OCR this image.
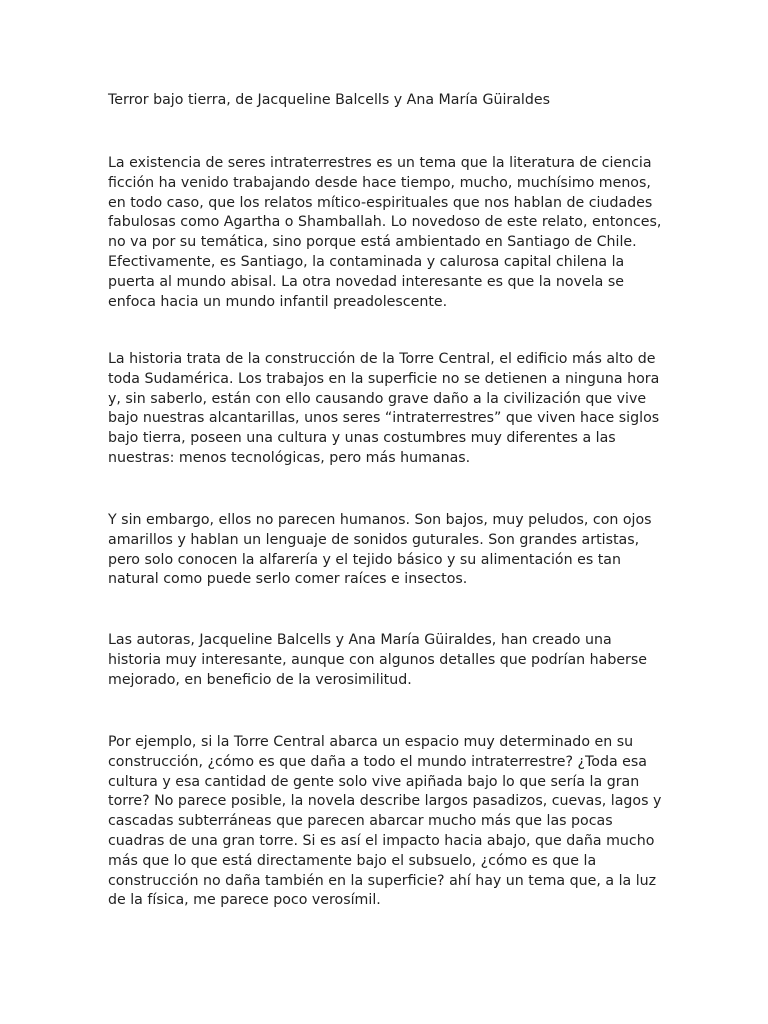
Terror bajo tierra, de Jacqueline Balcells y Ana María Güiraldes

La existencia de seres intraterrestres es un tema que la literatura de ciencia ficción ha venido trabajando desde hace tiempo, mucho, muchísimo menos, en todo caso, que los relatos mítico-espirituales que nos hablan de ciudades fabulosas como Agartha o Shamballah. Lo novedoso de este relato, entonces, no va por su temática, sino porque está ambientado en Santiago de Chile. Efectivamente, es Santiago, la contaminada y calurosa capital chilena la puerta al mundo abisal. La otra novedad interesante es que la novela se enfoca hacia un mundo infantil preadolescente.

La historia trata de la construcción de la Torre Central, el edificio más alto de toda Sudamérica. Los trabajos en la superficie no se detienen a ninguna hora y, sin saberlo, están con ello causando grave daño a la civilización que vive bajo nuestras alcantarillas, unos seres “intraterrestres” que viven hace siglos bajo tierra, poseen una cultura y unas costumbres muy diferentes a las nuestras: menos tecnológicas, pero más humanas.

Y sin embargo, ellos no parecen humanos. Son bajos, muy peludos, con ojos amarillos y hablan un lenguaje de sonidos guturales. Son grandes artistas, pero solo conocen la alfarería y el tejido básico y su alimentación es tan natural como puede serlo comer raíces e insectos.

Las autoras, Jacqueline Balcells y Ana María Güiraldes, han creado una historia muy interesante, aunque con algunos detalles que podrían haberse mejorado, en beneficio de la verosimilitud.

Por ejemplo, si la Torre Central abarca un espacio muy determinado en su construcción, ¿cómo es que daña a todo el mundo intraterrestre? ¿Toda esa cultura y esa cantidad de gente solo vive apiñada bajo lo que sería la gran torre? No parece posible, la novela describe largos pasadizos, cuevas, lagos y cascadas subterráneas que parecen abarcar mucho más que las pocas cuadras de una gran torre. Si es así el impacto hacia abajo, que daña mucho más que lo que está directamente bajo el subsuelo, ¿cómo es que la construcción no daña también en la superficie? ahí hay un tema que, a la luz de la física, me parece poco verosímil.
